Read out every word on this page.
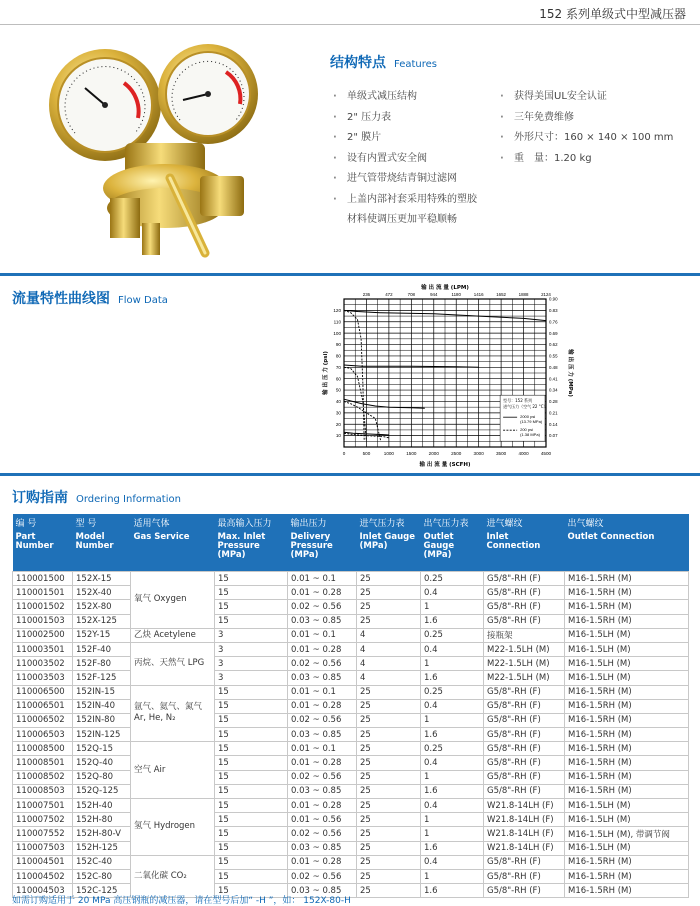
152 系列单级式中型减压器
结构特点 Features
· 单级式减压结构
· 2" 压力表
· 2" 膜片
· 设有内置式安全阀
· 进气管带烧结青铜过滤网
· 上盖内部衬套采用特殊的塑胶
材料使调压更加平稳顺畅
· 获得美国UL安全认证
· 三年免费维修
· 外形尺寸：160 × 140 × 100 mm
· 重　量：1.20 kg
流量特性曲线图 Flow Data
0	500	1000	1500	2000	2500	3000	3500	4000	4500
236	472	708	944	1180	1416	1652	1888	2124
10
20
30
40
50
60
70
80
90
100
110
120
0.07
0.14
0.21
0.28
0.34
0.41
0.48
0.55
0.62
0.69
0.76
0.83
0.90
输 出 流 量 (LPM)
输 出 流 量 (SCFH)
输 出 压 力 (psi)	输 出 压 力 (MPa)
型号：152 系列
进气压力（空气 22 °C）
2000 psi
(13.79 MPa)
200 psi
(1.38 MPa)
订购指南 Ordering Information
编 号	型 号	适用气体	最高输入压力	输出压力	进气压力表	出气压力表	进气螺纹	出气螺纹
Part Number	Model Number	Gas Service	Max. Inlet Pressure (MPa)	Delivery Pressure (MPa)	Inlet Gauge (MPa)	Outlet Gauge (MPa)	Inlet Connection	Outlet Connection
110001500	152X-15	氧气 Oxygen	15	0.01 ~ 0.1	25	0.25	G5/8"-RH (F)	M16-1.5RH (M)
110001501	152X-40		15	0.01 ~ 0.28	25	0.4	G5/8"-RH (F)	M16-1.5RH (M)
110001502	152X-80		15	0.02 ~ 0.56	25	1	G5/8"-RH (F)	M16-1.5RH (M)
110001503	152X-125		15	0.03 ~ 0.85	25	1.6	G5/8"-RH (F)	M16-1.5RH (M)
110002500	152Y-15	乙炔 Acetylene	3	0.01 ~ 0.1	4	0.25	接瓶架	M16-1.5LH (M)
110003501	152F-40	丙烷、天然气 LPG	3	0.01 ~ 0.28	4	0.4	M22-1.5LH (M)	M16-1.5LH (M)
110003502	152F-80		3	0.02 ~ 0.56	4	1	M22-1.5LH (M)	M16-1.5LH (M)
110003503	152F-125		3	0.03 ~ 0.85	4	1.6	M22-1.5LH (M)	M16-1.5LH (M)
110006500	152IN-15	氩气、氦气、氮气 Ar, He, N₂	15	0.01 ~ 0.1	25	0.25	G5/8"-RH (F)	M16-1.5RH (M)
110006501	152IN-40		15	0.01 ~ 0.28	25	0.4	G5/8"-RH (F)	M16-1.5RH (M)
110006502	152IN-80		15	0.02 ~ 0.56	25	1	G5/8"-RH (F)	M16-1.5RH (M)
110006503	152IN-125		15	0.03 ~ 0.85	25	1.6	G5/8"-RH (F)	M16-1.5RH (M)
110008500	152Q-15	空气 Air	15	0.01 ~ 0.1	25	0.25	G5/8"-RH (F)	M16-1.5RH (M)
110008501	152Q-40		15	0.01 ~ 0.28	25	0.4	G5/8"-RH (F)	M16-1.5RH (M)
110008502	152Q-80		15	0.02 ~ 0.56	25	1	G5/8"-RH (F)	M16-1.5RH (M)
110008503	152Q-125		15	0.03 ~ 0.85	25	1.6	G5/8"-RH (F)	M16-1.5RH (M)
110007501	152H-40	氢气 Hydrogen	15	0.01 ~ 0.28	25	0.4	W21.8-14LH (F)	M16-1.5LH (M)
110007502	152H-80		15	0.01 ~ 0.56	25	1	W21.8-14LH (F)	M16-1.5LH (M)
110007552	152H-80-V		15	0.02 ~ 0.56	25	1	W21.8-14LH (F)	M16-1.5LH (M), 带调节阀
110007503	152H-125		15	0.03 ~ 0.85	25	1.6	W21.8-14LH (F)	M16-1.5LH (M)
110004501	152C-40	二氧化碳 CO₂	15	0.01 ~ 0.28	25	0.4	G5/8"-RH (F)	M16-1.5RH (M)
110004502	152C-80		15	0.02 ~ 0.56	25	1	G5/8"-RH (F)	M16-1.5RH (M)
110004503	152C-125		15	0.03 ~ 0.85	25	1.6	G5/8"-RH (F)	M16-1.5RH (M)
如需订购适用于 20 MPa 高压钢瓶的减压器，请在型号后加“ -H ”，如： 152X-80-H
